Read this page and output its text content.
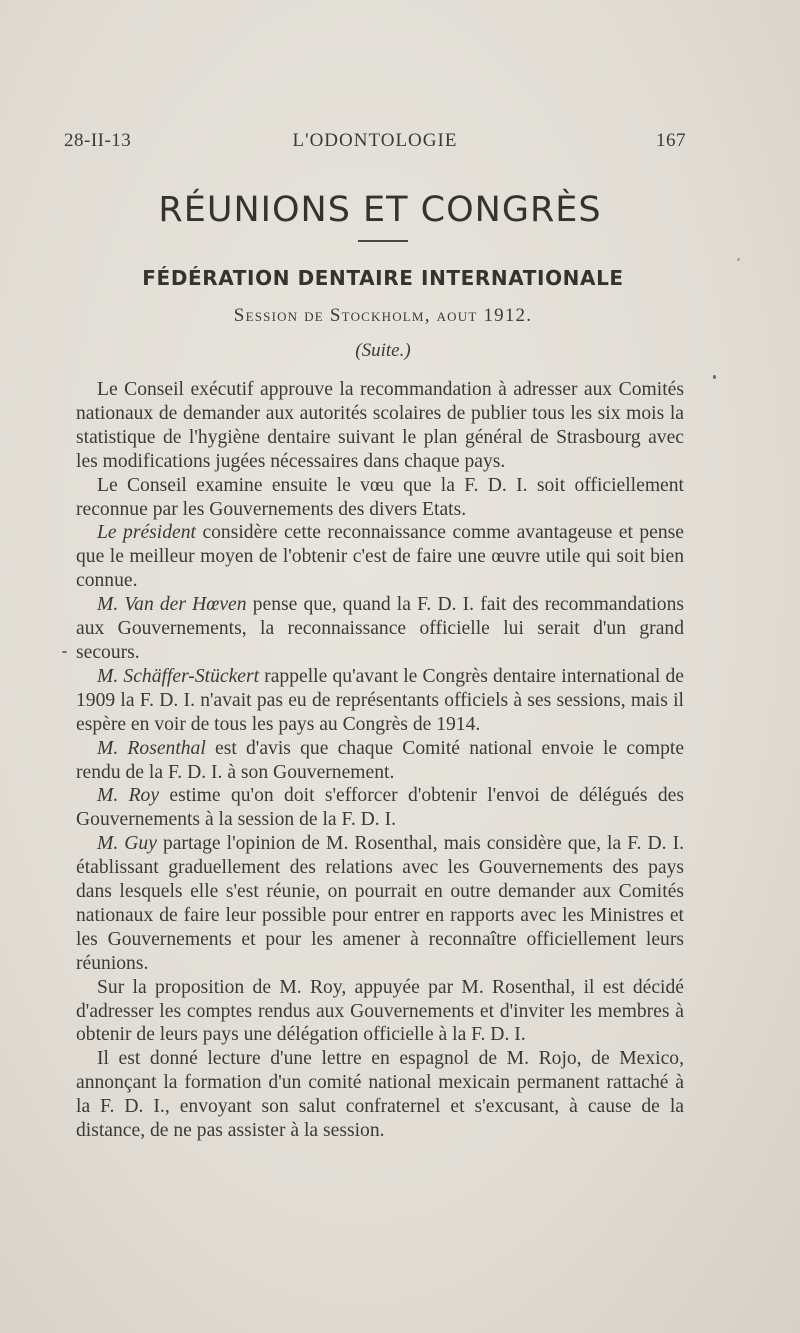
28-II-13	L'ODONTOLOGIE	167
RÉUNIONS ET CONGRÈS
FÉDÉRATION DENTAIRE INTERNATIONALE
Session de Stockholm, aout 1912.
(Suite.)

Le Conseil exécutif approuve la recommandation à adresser aux Comités nationaux de demander aux autorités scolaires de publier tous les six mois la statistique de l'hygiène dentaire suivant le plan général de Strasbourg avec les modifications jugées nécessaires dans chaque pays.

Le Conseil examine ensuite le vœu que la F. D. I. soit officiellement reconnue par les Gouvernements des divers Etats.

Le président considère cette reconnaissance comme avantageuse et pense que le meilleur moyen de l'obtenir c'est de faire une œuvre utile qui soit bien connue.

M. Van der Hœven pense que, quand la F. D. I. fait des recommandations aux Gouvernements, la reconnaissance officielle lui serait d'un grand secours.

M. Schäffer-Stückert rappelle qu'avant le Congrès dentaire international de 1909 la F. D. I. n'avait pas eu de représentants officiels à ses sessions, mais il espère en voir de tous les pays au Congrès de 1914.

M. Rosenthal est d'avis que chaque Comité national envoie le compte rendu de la F. D. I. à son Gouvernement.

M. Roy estime qu'on doit s'efforcer d'obtenir l'envoi de délégués des Gouvernements à la session de la F. D. I.

M. Guy partage l'opinion de M. Rosenthal, mais considère que, la F. D. I. établissant graduellement des relations avec les Gouvernements des pays dans lesquels elle s'est réunie, on pourrait en outre demander aux Comités nationaux de faire leur possible pour entrer en rapports avec les Ministres et les Gouvernements et pour les amener à reconnaître officiellement leurs réunions.

Sur la proposition de M. Roy, appuyée par M. Rosenthal, il est décidé d'adresser les comptes rendus aux Gouvernements et d'inviter les membres à obtenir de leurs pays une délégation officielle à la F. D. I.

Il est donné lecture d'une lettre en espagnol de M. Rojo, de Mexico, annonçant la formation d'un comité national mexicain permanent rattaché à la F. D. I., envoyant son salut confraternel et s'excusant, à cause de la distance, de ne pas assister à la session.
